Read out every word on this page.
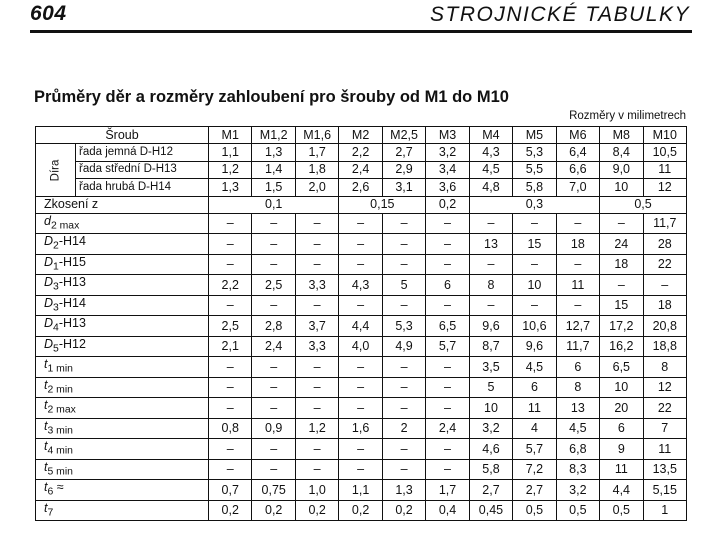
604	STROJNICKÉ TABULKY
Průměry děr a rozměry zahloubení pro šrouby od M1 do M10
Rozměry v milimetrech
Šroub		M1	M1,2	M1,6	M2	M2,5	M3	M4	M5	M6	M8	M10
Díra	řada jemná D-H12	1,1	1,3	1,7	2,2	2,7	3,2	4,3	5,3	6,4	8,4	10,5
	řada střední D-H13	1,2	1,4	1,8	2,4	2,9	3,4	4,5	5,5	6,6	9,0	11
	řada hrubá D-H14	1,3	1,5	2,0	2,6	3,1	3,6	4,8	5,8	7,0	10	12
Zkosení z		0,1			0,15		0,2	0,3			0,5	
$d_{2 max}$		–	–	–	–	–	–	–	–	–	–	11,7
$D_2-H14$		–	–	–	–	–	–	13	15	18	24	28
$D_1-H15$		–	–	–	–	–	–	–	–	–	18	22
$D_3-H13$		2,2	2,5	3,3	4,3	5	6	8	10	11	–	–
$D_3-H14$		–	–	–	–	–	–	–	–	–	15	18
$D_4-H13$		2,5	2,8	3,7	4,4	5,3	6,5	9,6	10,6	12,7	17,2	20,8
$D_5-H12$		2,1	2,4	3,3	4,0	4,9	5,7	8,7	9,6	11,7	16,2	18,8
$t_{1 min}$		–	–	–	–	–	–	3,5	4,5	6	6,5	8
$t_{2 min}$		–	–	–	–	–	–	5	6	8	10	12
$t_{2 max}$		–	–	–	–	–	–	10	11	13	20	22
$t_{3 min}$		0,8	0,9	1,2	1,6	2	2,4	3,2	4	4,5	6	7
$t_{4 min}$		–	–	–	–	–	–	4,6	5,7	6,8	9	11
$t_{5 min}$		–	–	–	–	–	–	5,8	7,2	8,3	11	13,5
$t_6$ ≈		0,7	0,75	1,0	1,1	1,3	1,7	2,7	2,7	3,2	4,4	5,15
$t_7$		0,2	0,2	0,2	0,2	0,2	0,4	0,45	0,5	0,5	0,5	1
